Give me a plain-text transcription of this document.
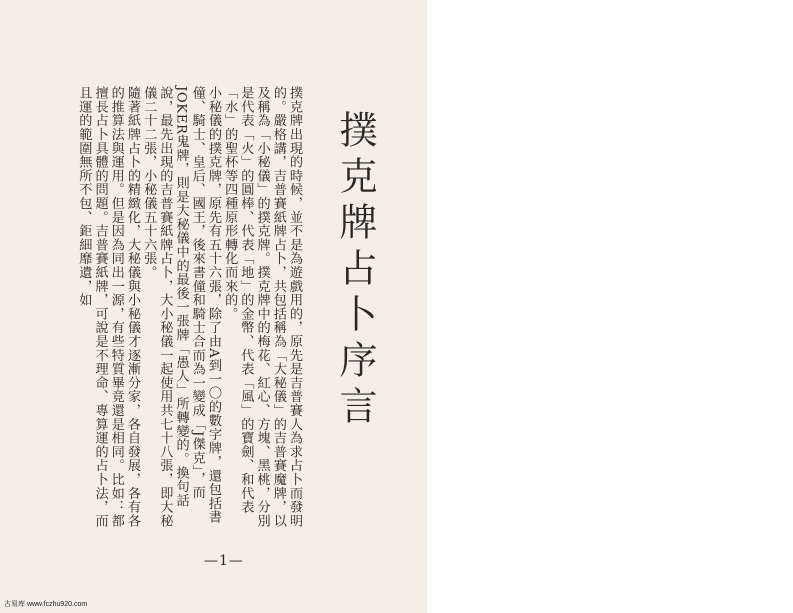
撲克牌占卜序言

撲克牌出現的時候，並不是為遊戲用的，原先是吉普賽人為求占卜而發明的。嚴格講，吉普賽紙牌占卜，共包括稱為「大秘儀」的吉普賽魔牌，以及稱為「小秘儀」的撲克牌。撲克牌中的梅花、紅心、方塊、黑桃，分別是代表「火」的圓棒、代表「地」的金幣、代表「風」的寶劍、和代表「水」的聖杯等四種原形轉化而來的。

小秘儀的撲克牌，原先有五十六張，除了由A到一〇的數字牌，還包括書僮、騎士、皇后、國王，後來書僮和騎士合而為一變成「J傑克」，而JOKER鬼牌，則是大秘儀中的最後一張牌「愚人」所轉變的。換句話說，最先出現的吉普賽紙牌占卜，大小秘儀一起使用共七十八張，即大秘儀二十二張，小秘儀五十六張。

隨著紙牌占卜的精緻化，大秘儀與小秘儀才逐漸分家，各自發展，各有各的推算法與運用。但是因為同出一源，有些特質畢竟還是相同。比如：都擅長占卜具體的問題。吉普賽紙牌，可說是不理命、專算運的占卜法，而且運的範圍無所不包、鉅細靡遺，如

—1—
古易库 www.fczhu920.com
